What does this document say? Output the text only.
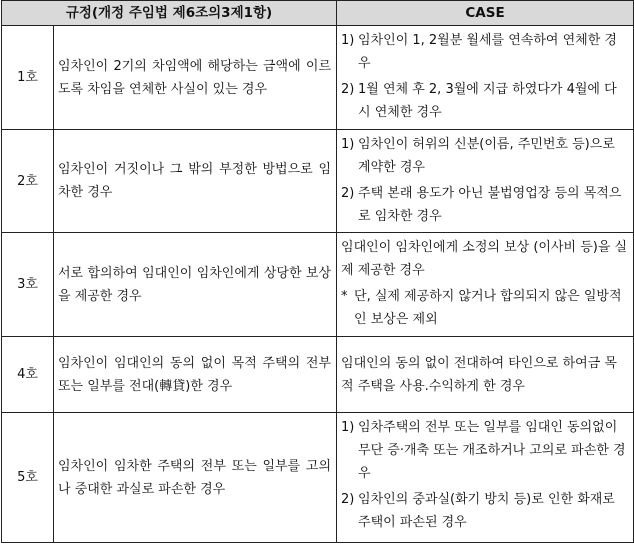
규정(개정 주임법 제6조의3제1항)		CASE
1호	임차인이 2기의 차임액에 해당하는 금액에 이르도록 차임을 연체한 사실이 있는 경우	1) 임차인이 1, 2월분 월세를 연속하여 연체한 경우
2) 1월 연체 후 2, 3월에 지급 하였다가 4월에 다시 연체한 경우

2호	임차인이 거짓이나 그 밖의 부정한 방법으로 임차한 경우	1) 임차인이 허위의 신분(이름, 주민번호 등)으로 계약한 경우
2) 주택 본래 용도가 아닌 불법영업장 등의 목적으로 임차한 경우

3호	서로 합의하여 임대인이 임차인에게 상당한 보상을 제공한 경우	임대인이 임차인에게 소정의 보상 (이사비 등)을 실제 제공한 경우
* 단, 실제 제공하지 않거나 합의되지 않은 일방적인 보상은 제외

4호	임차인이 임대인의 동의 없이 목적 주택의 전부 또는 일부를 전대(轉貸)한 경우	임대인의 동의 없이 전대하여 타인으로 하여금 목적 주택을 사용.수익하게 한 경우

5호	임차인이 임차한 주택의 전부 또는 일부를 고의나 중대한 과실로 파손한 경우	1) 임차주택의 전부 또는 일부를 임대인 동의없이 무단 증·개축 또는 개조하거나 고의로 파손한 경우
2) 임차인의 중과실(화기 방치 등)로 인한 화재로 주택이 파손된 경우
